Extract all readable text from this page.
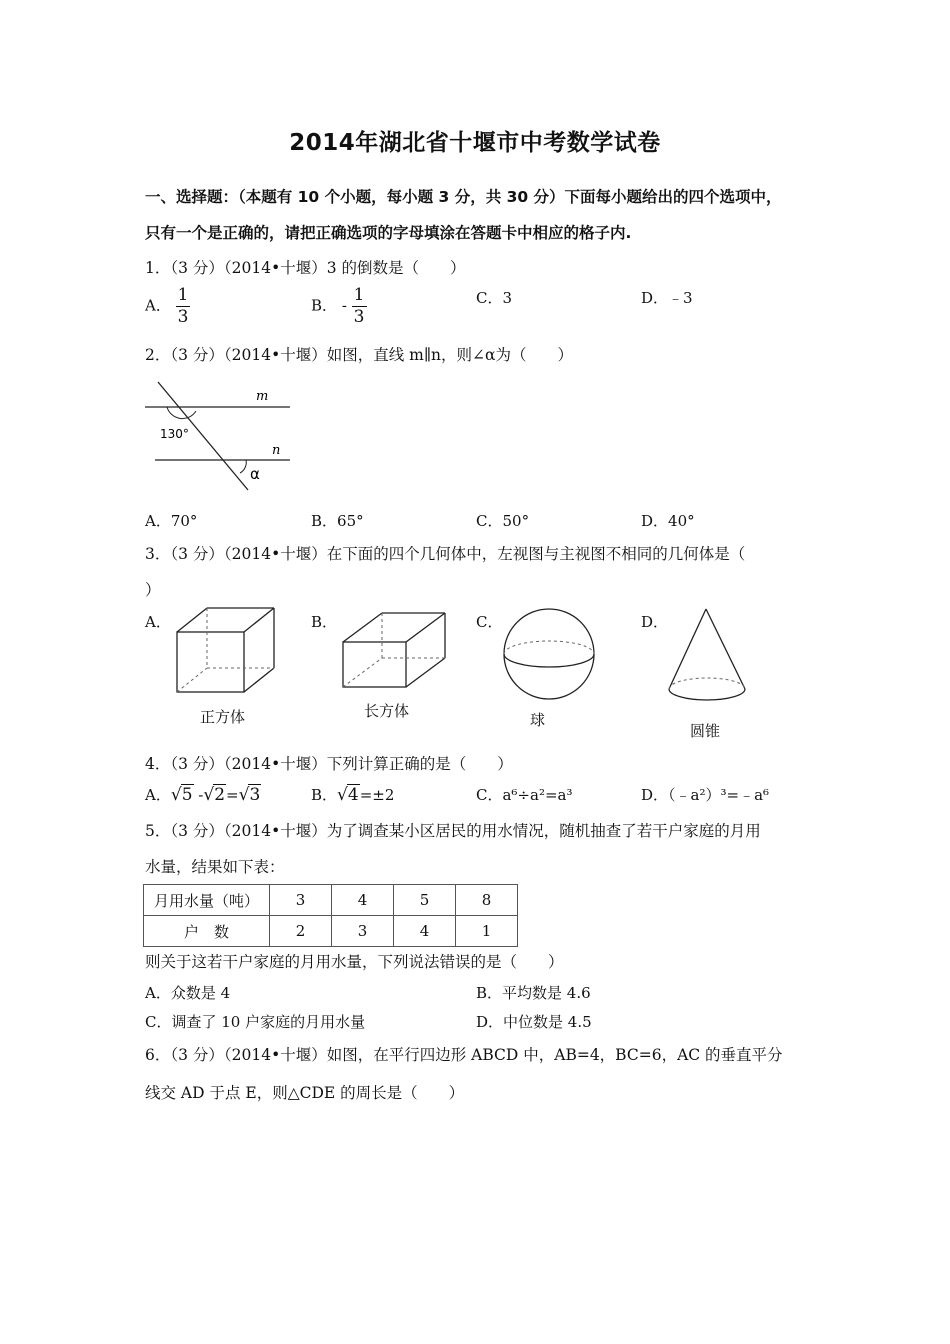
2014年湖北省十堰市中考数学试卷
一、选择题：（本题有 10 个小题，每小题 3 分，共 30 分）下面每小题给出的四个选项中，
只有一个是正确的，请把正确选项的字母填涂在答题卡中相应的格子内.
1．（3 分）（2014•十堰）3 的倒数是（　　）
A． $\frac{1}{3}$	B． - $\frac{1}{3}$	C．3	D．﹣3
2．（3 分）（2014•十堰）如图，直线 m∥n，则∠α为（　　）
m
n
130°
α
A．70°	B．65°	C．50°	D．40°
3．（3 分）（2014•十堰）在下面的四个几何体中，左视图与主视图不相同的几何体是（
）
A．
正方体
B．
长方体
C．
球
D．
圆锥
4．（3 分）（2014•十堰）下列计算正确的是（　　）
A．√5 -√2=√3	B．√4=±2	C．a⁶÷a²=a³	D．（﹣a²）³=﹣a⁶
5．（3 分）（2014•十堰）为了调查某小区居民的用水情况，随机抽查了若干户家庭的月用
水量，结果如下表：
月用水量（吨）	3	4	5	8
户　数	2	3	4	1
则关于这若干户家庭的月用水量，下列说法错误的是（　　）
A．众数是 4	B．平均数是 4.6
C．调查了 10 户家庭的月用水量	D．中位数是 4.5
6．（3 分）（2014•十堰）如图，在平行四边形 ABCD 中，AB=4，BC=6，AC 的垂直平分
线交 AD 于点 E，则△CDE 的周长是（　　）
